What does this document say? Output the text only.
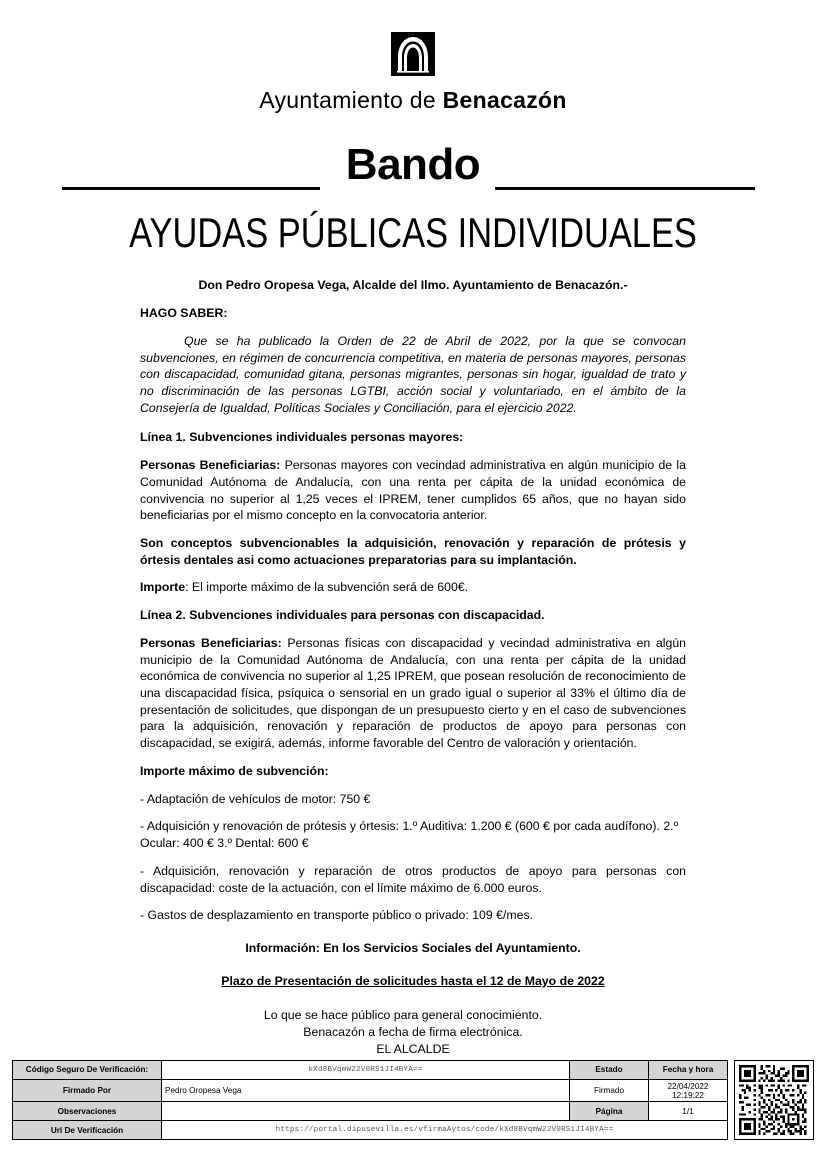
Ayuntamiento de Benacazón
Bando
AYUDAS PÚBLICAS INDIVIDUALES

Don Pedro Oropesa Vega, Alcalde del Ilmo. Ayuntamiento de Benacazón.-

HAGO SABER:

Que se ha publicado la Orden de 22 de Abril de 2022, por la que se convocan subvenciones, en régimen de concurrencia competitiva, en materia de personas mayores, personas con discapacidad, comunidad gitana, personas migrantes, personas sin hogar, igualdad de trato y no discriminación de las personas LGTBI, acción social y voluntariado, en el ámbito de la Consejería de Igualdad, Políticas Sociales y Conciliación, para el ejercicio 2022.

Línea 1. Subvenciones individuales personas mayores:

Personas Beneficiarias: Personas mayores con vecindad administrativa en algún municipio de la Comunidad Autónoma de Andalucía, con una renta per cápita de la unidad económica de convivencia no superior al 1,25 veces el IPREM, tener cumplidos 65 años, que no hayan sido beneficiarias por el mismo concepto en la convocatoria anterior.

Son conceptos subvencionables la adquisición, renovación y reparación de prótesis y órtesis dentales asi como actuaciones preparatorias para su implantación.

Importe: El importe máximo de la subvención será de 600€.

Línea 2. Subvenciones individuales para personas con discapacidad.

Personas Beneficiarias: Personas físicas con discapacidad y vecindad administrativa en algún municipio de la Comunidad Autónoma de Andalucía, con una renta per cápita de la unidad económica de convivencia no superior al 1,25 IPREM, que posean resolución de reconocimiento de una discapacidad física, psíquica o sensorial en un grado igual o superior al 33% el último día de presentación de solicitudes, que dispongan de un presupuesto cierto y en el caso de subvenciones para la adquisición, renovación y reparación de productos de apoyo para personas con discapacidad, se exigirá, además, informe favorable del Centro de valoración y orientación.

Importe máximo de subvención:

- Adaptación de vehículos de motor: 750 €

- Adquisición y renovación de prótesis y órtesis: 1.º Auditiva: 1.200 € (600 € por cada audífono). 2.º Ocular: 400 € 3.º Dental: 600 €

- Adquisición, renovación y reparación de otros productos de apoyo para personas con discapacidad: coste de la actuación, con el límite máximo de 6.000 euros.

- Gastos de desplazamiento en transporte público o privado: 109 €/mes.

Información: En los Servicios Sociales del Ayuntamiento.

Plazo de Presentación de solicitudes hasta el 12 de Mayo de 2022

Lo que se hace público para general conocimiento.
Benacazón a fecha de firma electrónica.
EL ALCALDE
Código Seguro De Verificación:	kXd8BVqmW22V0RS1JI4BYA==	Estado	Fecha y hora
Firmado Por	Pedro Oropesa Vega	Firmado	22/04/2022 12:19:22
Observaciones		Página	1/1
Url De Verificación	https://portal.dipusevilla.es/vfirmaAytos/code/kXd8BVqmW22V0RS1JI4BYA==		
